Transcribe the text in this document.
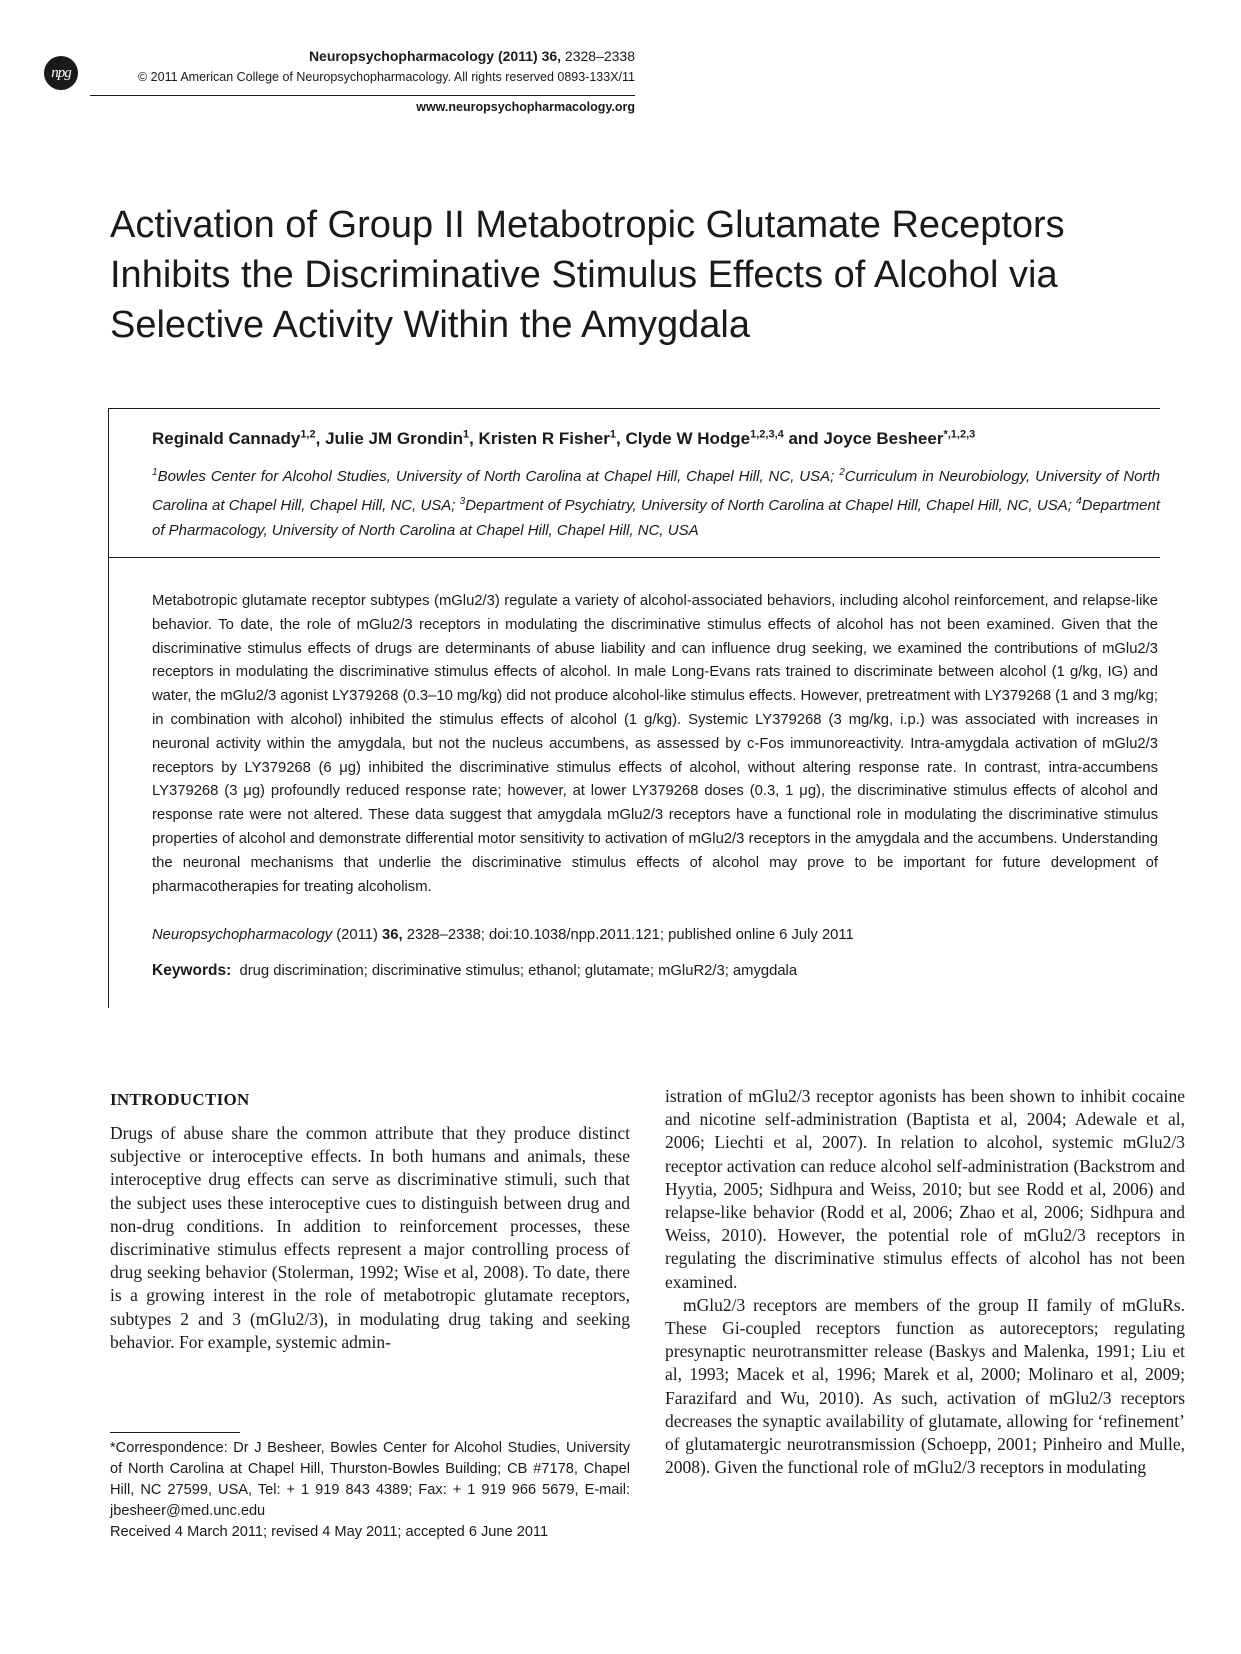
npg
Neuropsychopharmacology (2011) 36, 2328–2338
© 2011 American College of Neuropsychopharmacology. All rights reserved 0893-133X/11
www.neuropsychopharmacology.org
Activation of Group II Metabotropic Glutamate Receptors
Inhibits the Discriminative Stimulus Effects of Alcohol via
Selective Activity Within the Amygdala
Reginald Cannady$^{1,2}$, Julie JM Grondin$^1$, Kristen R Fisher$^1$, Clyde W Hodge$^{1,2,3,4}$ and Joyce Besheer$^{*,1,2,3}$
$^1$Bowles Center for Alcohol Studies, University of North Carolina at Chapel Hill, Chapel Hill, NC, USA; $^2$Curriculum in Neurobiology, University of North Carolina at Chapel Hill, Chapel Hill, NC, USA; $^3$Department of Psychiatry, University of North Carolina at Chapel Hill, Chapel Hill, NC, USA; $^4$Department of Pharmacology, University of North Carolina at Chapel Hill, Chapel Hill, NC, USA
Metabotropic glutamate receptor subtypes (mGlu2/3) regulate a variety of alcohol-associated behaviors, including alcohol reinforcement, and relapse-like behavior. To date, the role of mGlu2/3 receptors in modulating the discriminative stimulus effects of alcohol has not been examined. Given that the discriminative stimulus effects of drugs are determinants of abuse liability and can influence drug seeking, we examined the contributions of mGlu2/3 receptors in modulating the discriminative stimulus effects of alcohol. In male Long-Evans rats trained to discriminate between alcohol (1 g/kg, IG) and water, the mGlu2/3 agonist LY379268 (0.3–10 mg/kg) did not produce alcohol-like stimulus effects. However, pretreatment with LY379268 (1 and 3 mg/kg; in combination with alcohol) inhibited the stimulus effects of alcohol (1 g/kg). Systemic LY379268 (3 mg/kg, i.p.) was associated with increases in neuronal activity within the amygdala, but not the nucleus accumbens, as assessed by c-Fos immunoreactivity. Intra-amygdala activation of mGlu2/3 receptors by LY379268 (6 μg) inhibited the discriminative stimulus effects of alcohol, without altering response rate. In contrast, intra-accumbens LY379268 (3 μg) profoundly reduced response rate; however, at lower LY379268 doses (0.3, 1 μg), the discriminative stimulus effects of alcohol and response rate were not altered. These data suggest that amygdala mGlu2/3 receptors have a functional role in modulating the discriminative stimulus properties of alcohol and demonstrate differential motor sensitivity to activation of mGlu2/3 receptors in the amygdala and the accumbens. Understanding the neuronal mechanisms that underlie the discriminative stimulus effects of alcohol may prove to be important for future development of pharmacotherapies for treating alcoholism.
Neuropsychopharmacology (2011) 36, 2328–2338; doi:10.1038/npp.2011.121; published online 6 July 2011
Keywords: drug discrimination; discriminative stimulus; ethanol; glutamate; mGluR2/3; amygdala
INTRODUCTION

Drugs of abuse share the common attribute that they produce distinct subjective or interoceptive effects. In both humans and animals, these interoceptive drug effects can serve as discriminative stimuli, such that the subject uses these interoceptive cues to distinguish between drug and non-drug conditions. In addition to reinforcement processes, these discriminative stimulus effects represent a major controlling process of drug seeking behavior (Stolerman, 1992; Wise et al, 2008). To date, there is a growing interest in the role of metabotropic glutamate receptors, subtypes 2 and 3 (mGlu2/3), in modulating drug taking and seeking behavior. For example, systemic admin-

*Correspondence: Dr J Besheer, Bowles Center for Alcohol Studies, University of North Carolina at Chapel Hill, Thurston-Bowles Building; CB #7178, Chapel Hill, NC 27599, USA, Tel: + 1 919 843 4389; Fax: + 1 919 966 5679, E-mail: jbesheer@med.unc.edu
Received 4 March 2011; revised 4 May 2011; accepted 6 June 2011

istration of mGlu2/3 receptor agonists has been shown to inhibit cocaine and nicotine self-administration (Baptista et al, 2004; Adewale et al, 2006; Liechti et al, 2007). In relation to alcohol, systemic mGlu2/3 receptor activation can reduce alcohol self-administration (Backstrom and Hyytia, 2005; Sidhpura and Weiss, 2010; but see Rodd et al, 2006) and relapse-like behavior (Rodd et al, 2006; Zhao et al, 2006; Sidhpura and Weiss, 2010). However, the potential role of mGlu2/3 receptors in regulating the discriminative stimulus effects of alcohol has not been examined.

mGlu2/3 receptors are members of the group II family of mGluRs. These Gi-coupled receptors function as autoreceptors; regulating presynaptic neurotransmitter release (Baskys and Malenka, 1991; Liu et al, 1993; Macek et al, 1996; Marek et al, 2000; Molinaro et al, 2009; Farazifard and Wu, 2010). As such, activation of mGlu2/3 receptors decreases the synaptic availability of glutamate, allowing for ‘refinement’ of glutamatergic neurotransmission (Schoepp, 2001; Pinheiro and Mulle, 2008). Given the functional role of mGlu2/3 receptors in modulating
